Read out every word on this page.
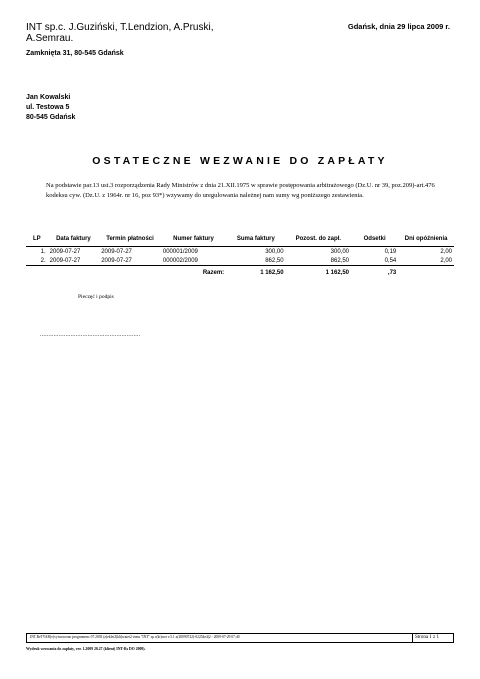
INT sp.c. J.Guziński, T.Lendzion, A.Pruski, A.Semrau.
Gdańsk, dnia 29 lipca 2009 r.
Zamknięta 31, 80-545 Gdańsk
Jan Kowalski
ul. Testowa 5
80-545 Gdańsk
OSTATECZNE WEZWANIE DO ZAPŁATY
Na podstawie par.13 ust.3 rozporządzenia Rady Ministrów z dnia 21.XII.1975 w sprawie postępowania arbitrażowego (Dz.U. nr 39, poz.209)-art.476 kodeksu cyw. (Dz.U. z 1964r. nr 16, poz 93*) wzywamy do uregulowania należnej nam sumy wg poniższego zestawienia.
LP	Data faktury	Termin płatności	Numer faktury	Suma faktury	Pozost. do zapł.	Odsetki	Dni opóźnienia
1.	2009-07-27	2009-07-27	000001/2009	300,00	300,00	0,19	2,00
2.	2009-07-27	2009-07-27	000002/2009	862,50	862,50	0,54	2,00
			Razem:	1 162,50	1 162,50	,73	
Pieczęć i podpis
...........................................................
INT.ReTVAB(v)vytworzono programem: 07.2003 (z)eklet2(klt)waiet2 vtmu "INT" sp.c(kt)wet v.5.1.x(20090722)-02254e4(2 - 2009-07-29 07:40	Strona 1 z 1
Wydruk wezwania do zapłaty, ver. 1.2009 20.27 (klient) INT-Rs DO 2009).
